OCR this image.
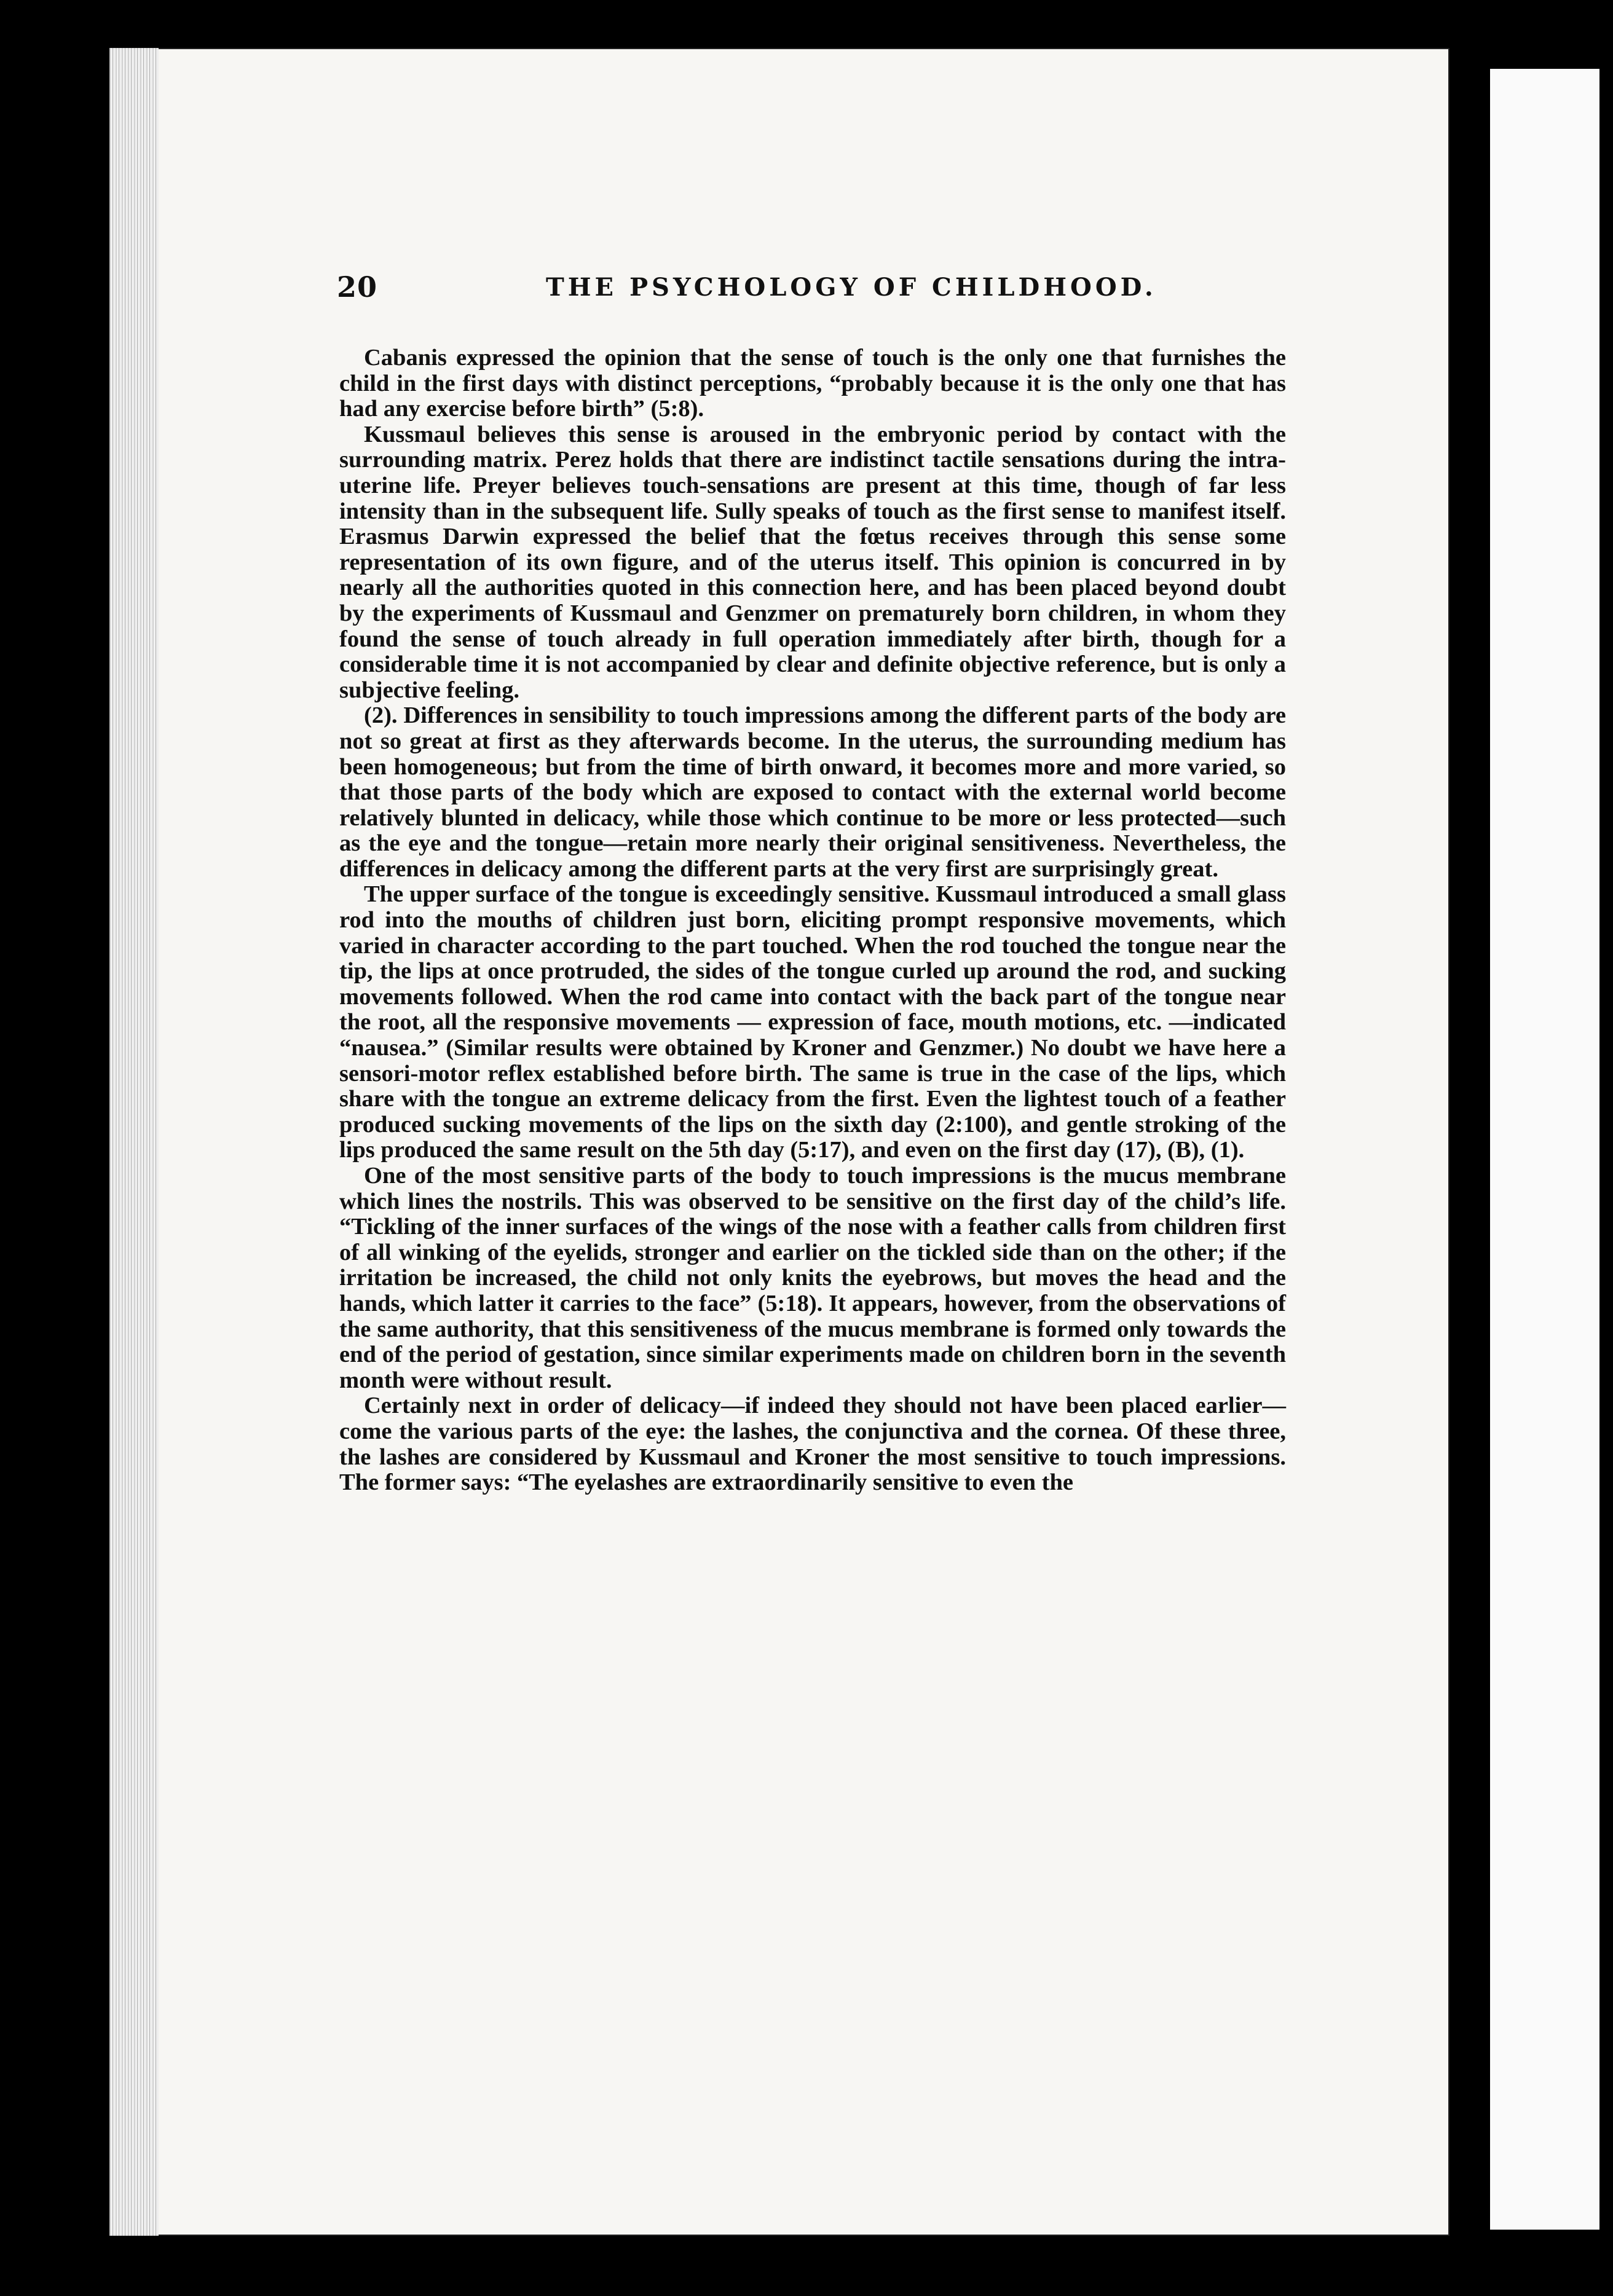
20	THE PSYCHOLOGY OF CHILDHOOD.

Cabanis expressed the opinion that the sense of touch is the only one that furnishes the child in the first days with distinct perceptions, “probably because it is the only one that has had any exercise before birth” (5:8).

Kussmaul believes this sense is aroused in the embryonic period by contact with the surrounding matrix. Perez holds that there are indistinct tactile sensations during the intra-uterine life. Preyer believes touch-sensations are present at this time, though of far less intensity than in the subsequent life. Sully speaks of touch as the first sense to manifest itself. Erasmus Darwin expressed the belief that the fœtus receives through this sense some representation of its own figure, and of the uterus itself. This opinion is concurred in by nearly all the authorities quoted in this connection here, and has been placed beyond doubt by the experiments of Kussmaul and Genzmer on prematurely born children, in whom they found the sense of touch already in full operation immediately after birth, though for a considerable time it is not accompanied by clear and definite objective reference, but is only a subjective feeling.

(2). Differences in sensibility to touch impressions among the different parts of the body are not so great at first as they afterwards become. In the uterus, the surrounding medium has been homogeneous; but from the time of birth onward, it becomes more and more varied, so that those parts of the body which are exposed to contact with the external world become relatively blunted in delicacy, while those which continue to be more or less protected—such as the eye and the tongue—retain more nearly their original sensitiveness. Nevertheless, the differences in delicacy among the different parts at the very first are surprisingly great.

The upper surface of the tongue is exceedingly sensitive. Kussmaul introduced a small glass rod into the mouths of children just born, eliciting prompt responsive movements, which varied in character according to the part touched. When the rod touched the tongue near the tip, the lips at once protruded, the sides of the tongue curled up around the rod, and sucking movements followed. When the rod came into contact with the back part of the tongue near the root, all the responsive movements — expression of face, mouth motions, etc. —indicated “nausea.” (Similar results were obtained by Kroner and Genzmer.) No doubt we have here a sensori-motor reflex established before birth. The same is true in the case of the lips, which share with the tongue an extreme delicacy from the first. Even the lightest touch of a feather produced sucking movements of the lips on the sixth day (2:100), and gentle stroking of the lips produced the same result on the 5th day (5:17), and even on the first day (17), (B), (1).

One of the most sensitive parts of the body to touch impressions is the mucus membrane which lines the nostrils. This was observed to be sensitive on the first day of the child’s life. “Tickling of the inner surfaces of the wings of the nose with a feather calls from children first of all winking of the eyelids, stronger and earlier on the tickled side than on the other; if the irritation be increased, the child not only knits the eyebrows, but moves the head and the hands, which latter it carries to the face” (5:18). It appears, however, from the observations of the same authority, that this sensitiveness of the mucus membrane is formed only towards the end of the period of gestation, since similar experiments made on children born in the seventh month were without result.

Certainly next in order of delicacy—if indeed they should not have been placed earlier—come the various parts of the eye: the lashes, the conjunctiva and the cornea. Of these three, the lashes are considered by Kussmaul and Kroner the most sensitive to touch impressions. The former says: “The eyelashes are extraordinarily sensitive to even the
